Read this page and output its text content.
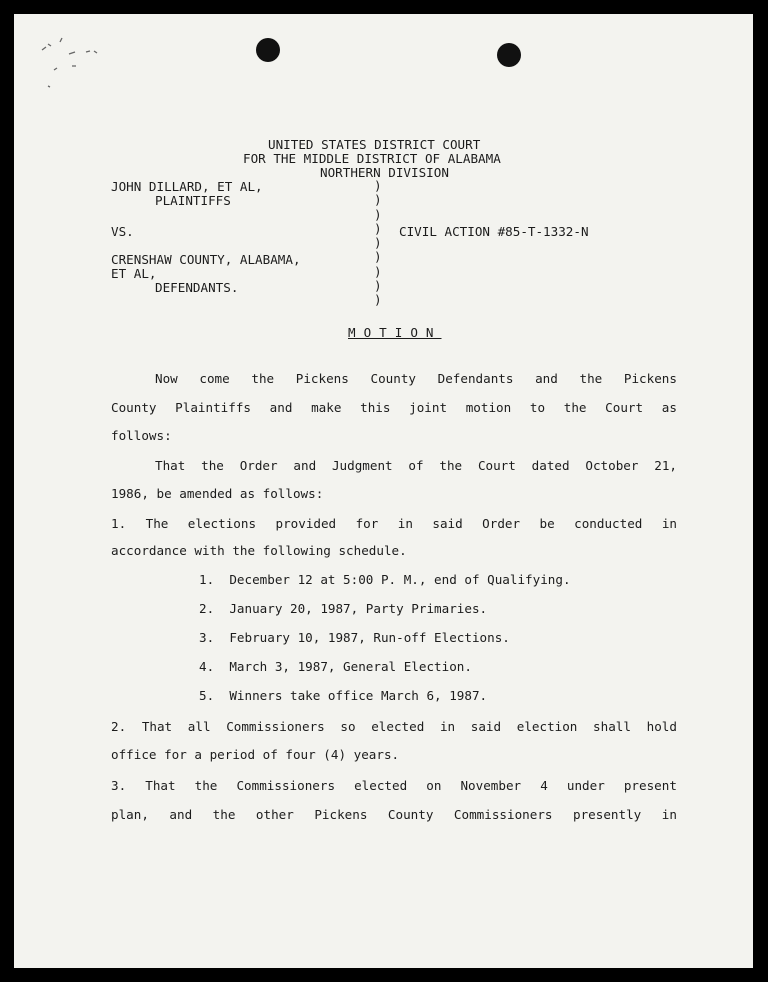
UNITED STATES DISTRICT COURT
FOR THE MIDDLE DISTRICT OF ALABAMA
NORTHERN DIVISION
JOHN DILLARD, ET AL,
PLAINTIFFS
VS.
CRENSHAW COUNTY, ALABAMA,
ET AL,
DEFENDANTS.
)
)
)
)
)
)
)
)
)
CIVIL ACTION #85-T-1332-N
MOTION
Now come the Pickens County Defendants and the Pickens
County Plaintiffs and make this joint motion to the Court as
follows:
That the Order and Judgment of the Court dated October 21,
1986, be amended as follows:
1. The elections provided for in said Order be conducted in
accordance with the following schedule.
1.  December 12 at 5:00 P. M., end of Qualifying.
2.  January 20, 1987, Party Primaries.
3.  February 10, 1987, Run-off Elections.
4.  March 3, 1987, General Election.
5.  Winners take office March 6, 1987.
2. That all Commissioners so elected in said election shall hold
office for a period of four (4) years.
3. That the Commissioners elected on November 4 under present
plan, and the other Pickens County Commissioners presently in
